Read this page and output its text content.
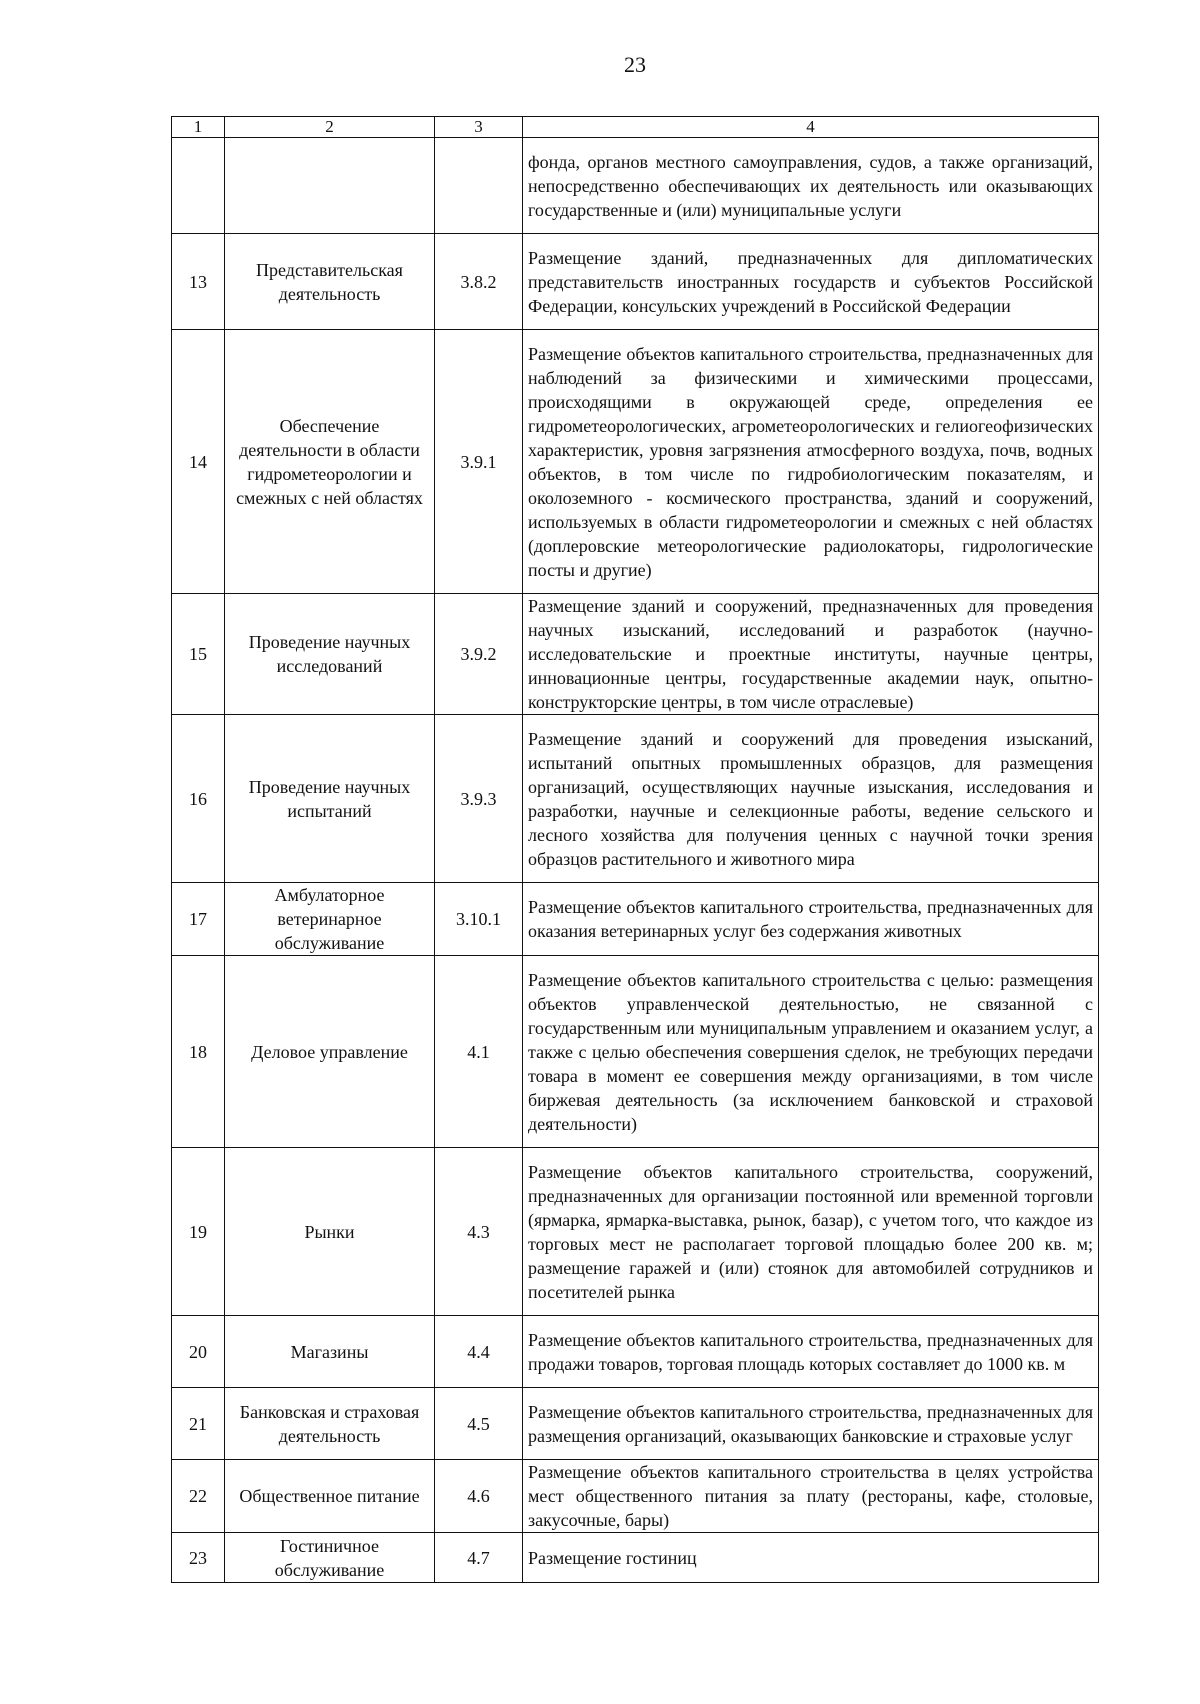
23
1	2	3	4
			фонда, органов местного самоуправления, судов, а также организаций, непосредственно обеспечивающих их деятельность или оказывающих государственные и (или) муниципальные услуги
13	Представительская деятельность	3.8.2	Размещение зданий, предназначенных для дипломатических представительств иностранных государств и субъектов Российской Федерации, консульских учреждений в Российской Федерации
14	Обеспечение деятельности в области гидрометеорологии и смежных с ней областях	3.9.1	Размещение объектов капитального строительства, предназначенных для наблюдений за физическими и химическими процессами, происходящими в окружающей среде, определения ее гидрометеорологических, агрометеорологических и гелиогеофизических характеристик, уровня загрязнения атмосферного воздуха, почв, водных объектов, в том числе по гидробиологическим показателям, и околоземного - космического пространства, зданий и сооружений, используемых в области гидрометеорологии и смежных с ней областях (доплеровские метеорологические радиолокаторы, гидрологические посты и другие)
15	Проведение научных исследований	3.9.2	Размещение зданий и сооружений, предназначенных для проведения научных изысканий, исследований и разработок (научно-исследовательские и проектные институты, научные центры, инновационные центры, государственные академии наук, опытно-конструкторские центры, в том числе отраслевые)
16	Проведение научных испытаний	3.9.3	Размещение зданий и сооружений для проведения изысканий, испытаний опытных промышленных образцов, для размещения организаций, осуществляющих научные изыскания, исследования и разработки, научные и селекционные работы, ведение сельского и лесного хозяйства для получения ценных с научной точки зрения образцов растительного и животного мира
17	Амбулаторное ветеринарное обслуживание	3.10.1	Размещение объектов капитального строительства, предназначенных для оказания ветеринарных услуг без содержания животных
18	Деловое управление	4.1	Размещение объектов капитального строительства с целью: размещения объектов управленческой деятельностью, не связанной с государственным или муниципальным управлением и оказанием услуг, а также с целью обеспечения совершения сделок, не требующих передачи товара в момент ее совершения между организациями, в том числе биржевая деятельность (за исключением банковской и страховой деятельности)
19	Рынки	4.3	Размещение объектов капитального строительства, сооружений, предназначенных для организации постоянной или временной торговли (ярмарка, ярмарка-выставка, рынок, базар), с учетом того, что каждое из торговых мест не располагает торговой площадью более 200 кв. м; размещение гаражей и (или) стоянок для автомобилей сотрудников и посетителей рынка
20	Магазины	4.4	Размещение объектов капитального строительства, предназначенных для продажи товаров, торговая площадь которых составляет до 1000 кв. м
21	Банковская и страховая деятельность	4.5	Размещение объектов капитального строительства, предназначенных для размещения организаций, оказывающих банковские и страховые услуг
22	Общественное питание	4.6	Размещение объектов капитального строительства в целях устройства мест общественного питания за плату (рестораны, кафе, столовые, закусочные, бары)
23	Гостиничное обслуживание	4.7	Размещение гостиниц
